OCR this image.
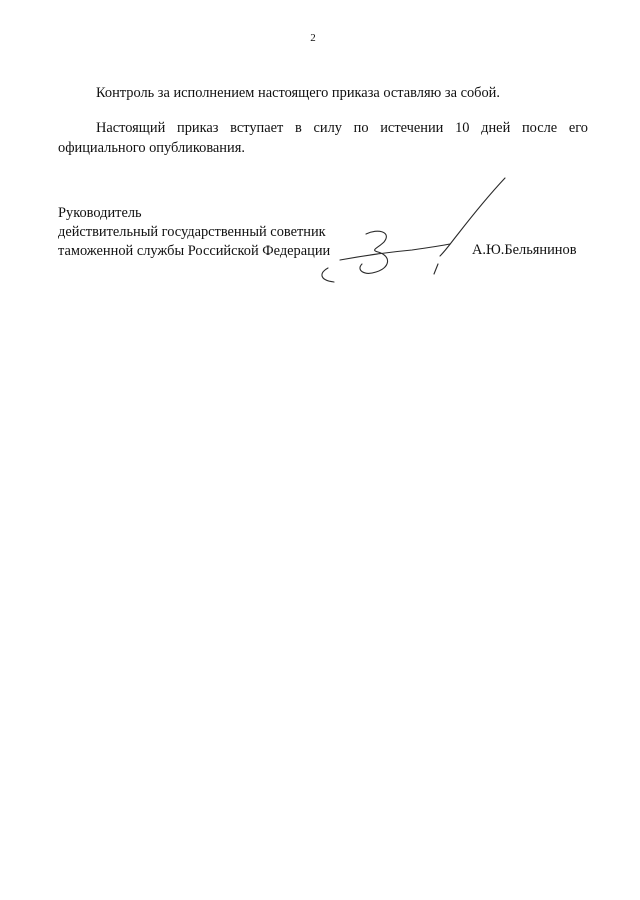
2

Контроль за исполнением настоящего приказа оставляю за собой.

Настоящий приказ вступает в силу по истечении 10 дней после его официального опубликования.

Руководитель
действительный государственный советник
таможенной службы Российской Федерации	А.Ю.Бельянинов
